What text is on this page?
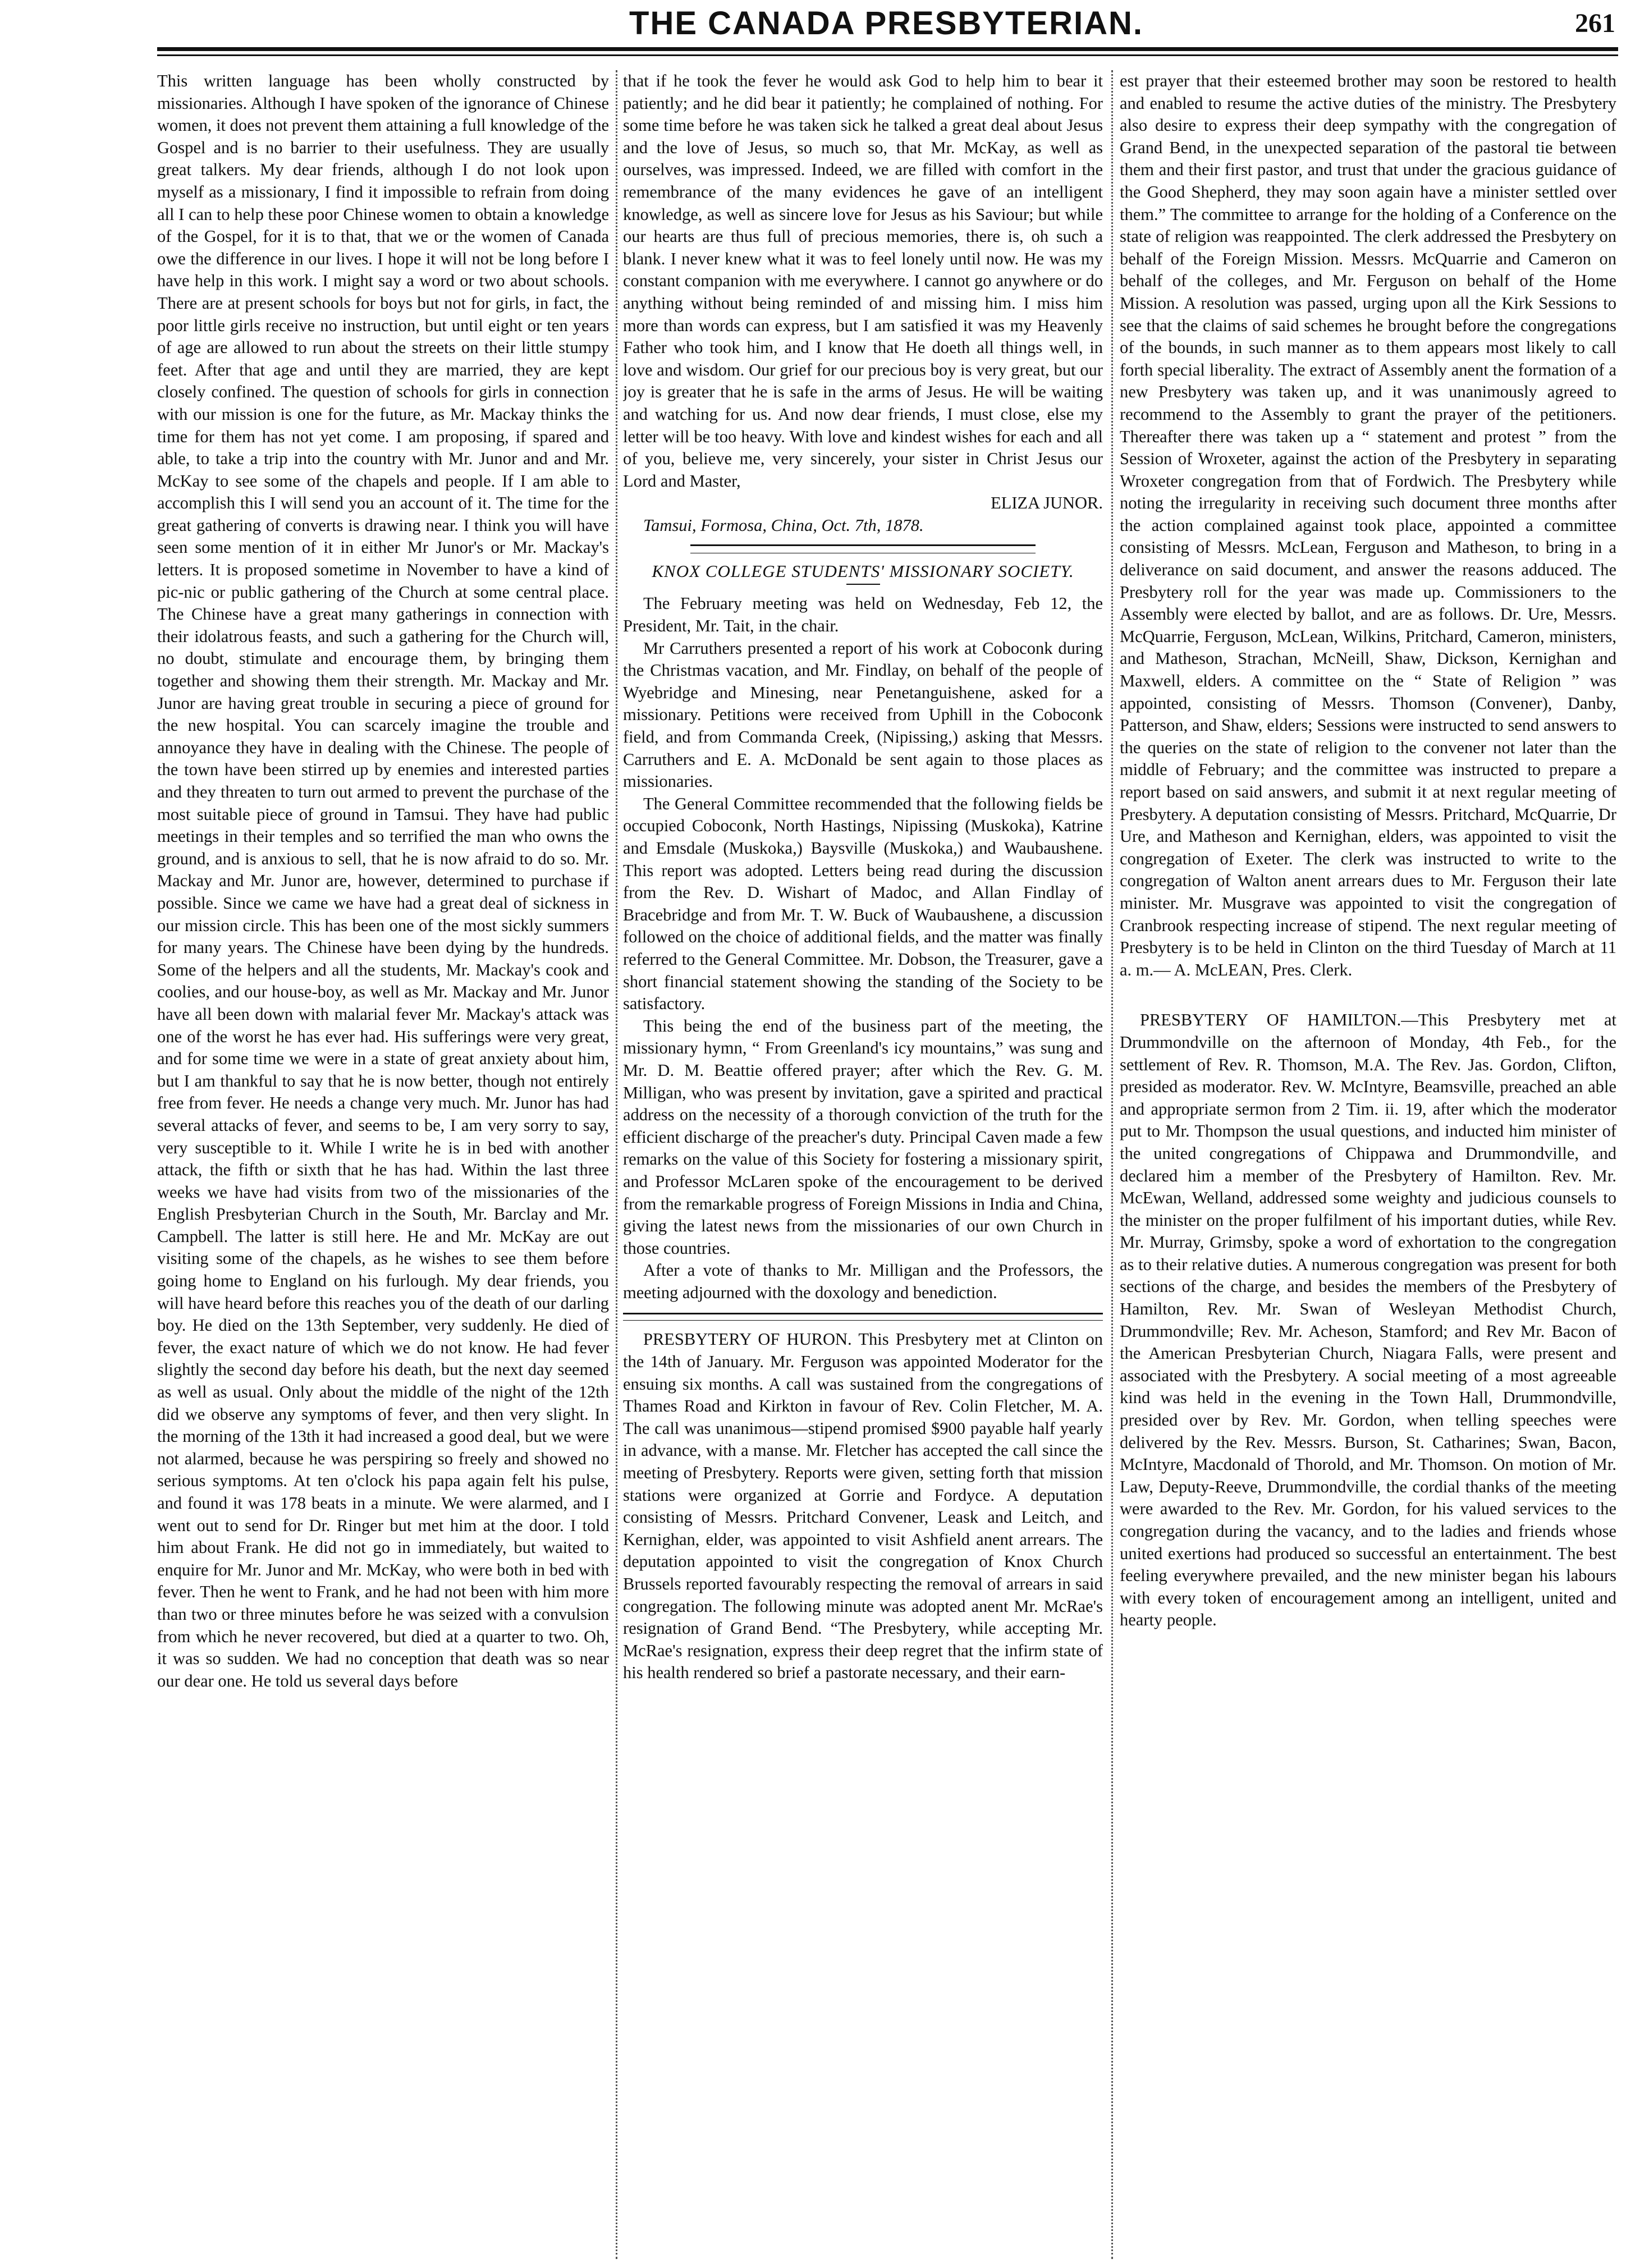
THE CANADA PRESBYTERIAN.	261

This written language has been wholly constructed by missionaries. Although I have spoken of the ignorance of Chinese women, it does not prevent them attaining a full knowledge of the Gospel and is no barrier to their usefulness. They are usually great talkers. My dear friends, although I do not look upon myself as a missionary, I find it impossible to refrain from doing all I can to help these poor Chinese women to obtain a knowledge of the Gospel, for it is to that, that we or the women of Canada owe the difference in our lives. I hope it will not be long before I have help in this work. I might say a word or two about schools. There are at present schools for boys but not for girls, in fact, the poor little girls receive no instruction, but until eight or ten years of age are allowed to run about the streets on their little stumpy feet. After that age and until they are married, they are kept closely confined. The question of schools for girls in connection with our mission is one for the future, as Mr. Mackay thinks the time for them has not yet come. I am proposing, if spared and able, to take a trip into the country with Mr. Junor and and Mr. McKay to see some of the chapels and people. If I am able to accomplish this I will send you an account of it. The time for the great gathering of converts is drawing near. I think you will have seen some mention of it in either Mr Junor's or Mr. Mackay's letters. It is proposed sometime in November to have a kind of pic-nic or public gathering of the Church at some central place. The Chinese have a great many gatherings in connection with their idolatrous feasts, and such a gathering for the Church will, no doubt, stimulate and encourage them, by bringing them together and showing them their strength. Mr. Mackay and Mr. Junor are having great trouble in securing a piece of ground for the new hospital. You can scarcely imagine the trouble and annoyance they have in dealing with the Chinese. The people of the town have been stirred up by enemies and interested parties and they threaten to turn out armed to prevent the purchase of the most suitable piece of ground in Tamsui. They have had public meetings in their temples and so terrified the man who owns the ground, and is anxious to sell, that he is now afraid to do so. Mr. Mackay and Mr. Junor are, however, determined to purchase if possible. Since we came we have had a great deal of sickness in our mission circle. This has been one of the most sickly summers for many years. The Chinese have been dying by the hundreds. Some of the helpers and all the students, Mr. Mackay's cook and coolies, and our house-boy, as well as Mr. Mackay and Mr. Junor have all been down with malarial fever Mr. Mackay's attack was one of the worst he has ever had. His sufferings were very great, and for some time we were in a state of great anxiety about him, but I am thankful to say that he is now better, though not entirely free from fever. He needs a change very much. Mr. Junor has had several attacks of fever, and seems to be, I am very sorry to say, very susceptible to it. While I write he is in bed with another attack, the fifth or sixth that he has had. Within the last three weeks we have had visits from two of the missionaries of the English Presbyterian Church in the South, Mr. Barclay and Mr. Campbell. The latter is still here. He and Mr. McKay are out visiting some of the chapels, as he wishes to see them before going home to England on his furlough. My dear friends, you will have heard before this reaches you of the death of our darling boy. He died on the 13th September, very suddenly. He died of fever, the exact nature of which we do not know. He had fever slightly the second day before his death, but the next day seemed as well as usual. Only about the middle of the night of the 12th did we observe any symptoms of fever, and then very slight. In the morning of the 13th it had increased a good deal, but we were not alarmed, because he was perspiring so freely and showed no serious symptoms. At ten o'clock his papa again felt his pulse, and found it was 178 beats in a minute. We were alarmed, and I went out to send for Dr. Ringer but met him at the door. I told him about Frank. He did not go in immediately, but waited to enquire for Mr. Junor and Mr. McKay, who were both in bed with fever. Then he went to Frank, and he had not been with him more than two or three minutes before he was seized with a convulsion from which he never recovered, but died at a quarter to two. Oh, it was so sudden. We had no conception that death was so near our dear one. He told us several days before

that if he took the fever he would ask God to help him to bear it patiently; and he did bear it patiently; he complained of nothing. For some time before he was taken sick he talked a great deal about Jesus and the love of Jesus, so much so, that Mr. McKay, as well as ourselves, was impressed. Indeed, we are filled with comfort in the remembrance of the many evidences he gave of an intelligent knowledge, as well as sincere love for Jesus as his Saviour; but while our hearts are thus full of precious memories, there is, oh such a blank. I never knew what it was to feel lonely until now. He was my constant companion with me everywhere. I cannot go anywhere or do anything without being reminded of and missing him. I miss him more than words can express, but I am satisfied it was my Heavenly Father who took him, and I know that He doeth all things well, in love and wisdom. Our grief for our precious boy is very great, but our joy is greater that he is safe in the arms of Jesus. He will be waiting and watching for us. And now dear friends, I must close, else my letter will be too heavy. With love and kindest wishes for each and all of you, believe me, very sincerely, your sister in Christ Jesus our Lord and Master,

ELIZA JUNOR.
Tamsui, Formosa, China, Oct. 7th, 1878.
KNOX COLLEGE STUDENTS' MISSIONARY SOCIETY.

The February meeting was held on Wednesday, Feb 12, the President, Mr. Tait, in the chair.

Mr Carruthers presented a report of his work at Coboconk during the Christmas vacation, and Mr. Findlay, on behalf of the people of Wyebridge and Minesing, near Penetanguishene, asked for a missionary. Petitions were received from Uphill in the Coboconk field, and from Commanda Creek, (Nipissing,) asking that Messrs. Carruthers and E. A. McDonald be sent again to those places as missionaries.

The General Committee recommended that the following fields be occupied Coboconk, North Hastings, Nipissing (Muskoka), Katrine and Emsdale (Muskoka,) Baysville (Muskoka,) and Waubaushene. This report was adopted. Letters being read during the discussion from the Rev. D. Wishart of Madoc, and Allan Findlay of Bracebridge and from Mr. T. W. Buck of Waubaushene, a discussion followed on the choice of additional fields, and the matter was finally referred to the General Committee. Mr. Dobson, the Treasurer, gave a short financial statement showing the standing of the Society to be satisfactory.

This being the end of the business part of the meeting, the missionary hymn, “ From Greenland's icy mountains,” was sung and Mr. D. M. Beattie offered prayer; after which the Rev. G. M. Milligan, who was present by invitation, gave a spirited and practical address on the necessity of a thorough conviction of the truth for the efficient discharge of the preacher's duty. Principal Caven made a few remarks on the value of this Society for fostering a missionary spirit, and Professor McLaren spoke of the encouragement to be derived from the remarkable progress of Foreign Missions in India and China, giving the latest news from the missionaries of our own Church in those countries.

After a vote of thanks to Mr. Milligan and the Professors, the meeting adjourned with the doxology and benediction.

PRESBYTERY OF HURON. This Presbytery met at Clinton on the 14th of January. Mr. Ferguson was appointed Moderator for the ensuing six months. A call was sustained from the congregations of Thames Road and Kirkton in favour of Rev. Colin Fletcher, M. A. The call was unanimous—stipend promised $900 payable half yearly in advance, with a manse. Mr. Fletcher has accepted the call since the meeting of Presbytery. Reports were given, setting forth that mission stations were organized at Gorrie and Fordyce. A deputation consisting of Messrs. Pritchard Convener, Leask and Leitch, and Kernighan, elder, was appointed to visit Ashfield anent arrears. The deputation appointed to visit the congregation of Knox Church Brussels reported favourably respecting the removal of arrears in said congregation. The following minute was adopted anent Mr. McRae's resignation of Grand Bend. “The Presbytery, while accepting Mr. McRae's resignation, express their deep regret that the infirm state of his health rendered so brief a pastorate necessary, and their earn-

est prayer that their esteemed brother may soon be restored to health and enabled to resume the active duties of the ministry. The Presbytery also desire to express their deep sympathy with the congregation of Grand Bend, in the unexpected separation of the pastoral tie between them and their first pastor, and trust that under the gracious guidance of the Good Shepherd, they may soon again have a minister settled over them.” The committee to arrange for the holding of a Conference on the state of religion was reappointed. The clerk addressed the Presbytery on behalf of the Foreign Mission. Messrs. McQuarrie and Cameron on behalf of the colleges, and Mr. Ferguson on behalf of the Home Mission. A resolution was passed, urging upon all the Kirk Sessions to see that the claims of said schemes he brought before the congregations of the bounds, in such manner as to them appears most likely to call forth special liberality. The extract of Assembly anent the formation of a new Presbytery was taken up, and it was unanimously agreed to recommend to the Assembly to grant the prayer of the petitioners. Thereafter there was taken up a “ statement and protest ” from the Session of Wroxeter, against the action of the Presbytery in separating Wroxeter congregation from that of Fordwich. The Presbytery while noting the irregularity in receiving such document three months after the action complained against took place, appointed a committee consisting of Messrs. McLean, Ferguson and Matheson, to bring in a deliverance on said document, and answer the reasons adduced. The Presbytery roll for the year was made up. Commissioners to the Assembly were elected by ballot, and are as follows. Dr. Ure, Messrs. McQuarrie, Ferguson, McLean, Wilkins, Pritchard, Cameron, ministers, and Matheson, Strachan, McNeill, Shaw, Dickson, Kernighan and Maxwell, elders. A committee on the “ State of Religion ” was appointed, consisting of Messrs. Thomson (Convener), Danby, Patterson, and Shaw, elders; Sessions were instructed to send answers to the queries on the state of religion to the convener not later than the middle of February; and the committee was instructed to prepare a report based on said answers, and submit it at next regular meeting of Presbytery. A deputation consisting of Messrs. Pritchard, McQuarrie, Dr Ure, and Matheson and Kernighan, elders, was appointed to visit the congregation of Exeter. The clerk was instructed to write to the congregation of Walton anent arrears dues to Mr. Ferguson their late minister. Mr. Musgrave was appointed to visit the congregation of Cranbrook respecting increase of stipend. The next regular meeting of Presbytery is to be held in Clinton on the third Tuesday of March at 11 a. m.— A. McLEAN, Pres. Clerk.

PRESBYTERY OF HAMILTON.—This Presbytery met at Drummondville on the afternoon of Monday, 4th Feb., for the settlement of Rev. R. Thomson, M.A. The Rev. Jas. Gordon, Clifton, presided as moderator. Rev. W. McIntyre, Beamsville, preached an able and appropriate sermon from 2 Tim. ii. 19, after which the moderator put to Mr. Thompson the usual questions, and inducted him minister of the united congregations of Chippawa and Drummondville, and declared him a member of the Presbytery of Hamilton. Rev. Mr. McEwan, Welland, addressed some weighty and judicious counsels to the minister on the proper fulfilment of his important duties, while Rev. Mr. Murray, Grimsby, spoke a word of exhortation to the congregation as to their relative duties. A numerous congregation was present for both sections of the charge, and besides the members of the Presbytery of Hamilton, Rev. Mr. Swan of Wesleyan Methodist Church, Drummondville; Rev. Mr. Acheson, Stamford; and Rev Mr. Bacon of the American Presbyterian Church, Niagara Falls, were present and associated with the Presbytery. A social meeting of a most agreeable kind was held in the evening in the Town Hall, Drummondville, presided over by Rev. Mr. Gordon, when telling speeches were delivered by the Rev. Messrs. Burson, St. Catharines; Swan, Bacon, McIntyre, Macdonald of Thorold, and Mr. Thomson. On motion of Mr. Law, Deputy-Reeve, Drummondville, the cordial thanks of the meeting were awarded to the Rev. Mr. Gordon, for his valued services to the congregation during the vacancy, and to the ladies and friends whose united exertions had produced so successful an entertainment. The best feeling everywhere prevailed, and the new minister began his labours with every token of encouragement among an intelligent, united and hearty people.
